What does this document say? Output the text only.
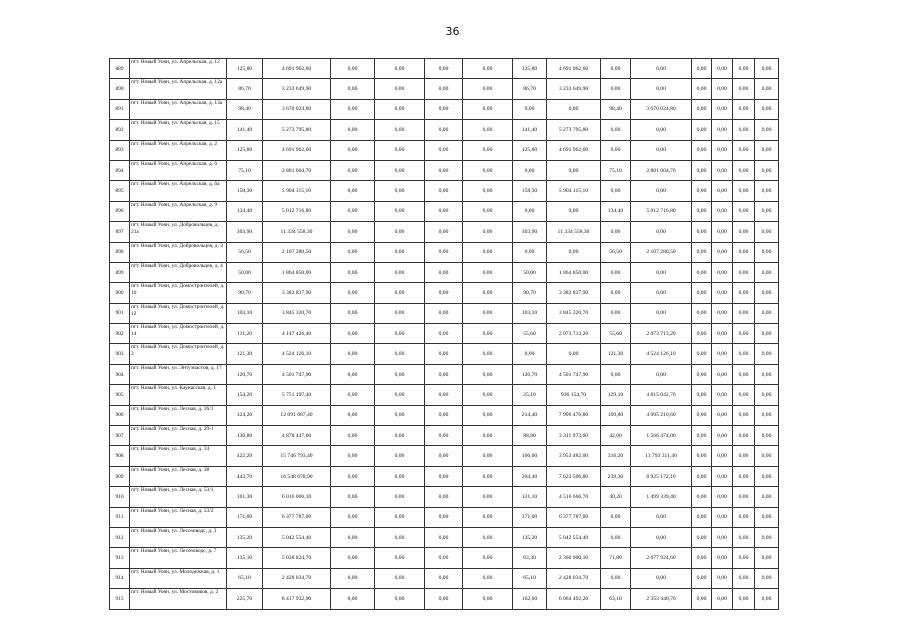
36
889	пгт. Новый Уоян, ул. Апрельская, д. 12	125,80	4 691 962,60	0,00	0,00	0,00	0,00	125,80	4 691 962,60	0,00	0,00	0,00	0,00	0,00	0,00
890	пгт. Новый Уоян, ул. Апрельская, д. 12а	86,70	3 233 649,90	0,00	0,00	0,00	0,00	86,70	3 233 649,90	0,00	0,00	0,00	0,00	0,00	0,00
891	пгт. Новый Уоян, ул. Апрельская, д. 13а	98,40	3 670 024,80	0,00	0,00	0,00	0,00	0,00	0,00	98,40	3 670 024,80	0,00	0,00	0,00	0,00
892	пгт. Новый Уоян, ул. Апрельская, д. 15	141,40	5 273 795,80	0,00	0,00	0,00	0,00	141,40	5 273 795,80	0,00	0,00	0,00	0,00	0,00	0,00
893	пгт. Новый Уоян, ул. Апрельская, д. 2	125,80	4 691 962,60	0,00	0,00	0,00	0,00	125,80	4 691 962,60	0,00	0,00	0,00	0,00	0,00	0,00
894	пгт. Новый Уоян, ул. Апрельская, д. 6	75,10	2 801 004,70	0,00	0,00	0,00	0,00	0,00	0,00	75,10	2 801 004,70	0,00	0,00	0,00	0,00
895	пгт. Новый Уоян, ул. Апрельская, д. 6а	158,30	5 904 115,10	0,00	0,00	0,00	0,00	158,30	5 904 115,10	0,00	0,00	0,00	0,00	0,00	0,00
896	пгт. Новый Уоян, ул. Апрельская, д. 9	134,40	5 012 716,80	0,00	0,00	0,00	0,00	0,00	0,00	134,40	5 012 716,80	0,00	0,00	0,00	0,00
897	пгт. Новый Уоян, ул. Добровольцев, д. 21а	303,90	11 334 558,30	0,00	0,00	0,00	0,00	303,90	11 334 558,30	0,00	0,00	0,00	0,00	0,00	0,00
898	пгт. Новый Уоян, ул. Добровольцев, д. 3	56,50	2 107 280,50	0,00	0,00	0,00	0,00	0,00	0,00	56,50	2 107 280,50	0,00	0,00	0,00	0,00
899	пгт. Новый Уоян, ул. Добровольцев, д. 4	50,00	1 864 850,00	0,00	0,00	0,00	0,00	50,00	1 864 850,00	0,00	0,00	0,00	0,00	0,00	0,00
900	пгт. Новый Уоян, ул. Домостроителей, д. 10	90,70	3 382 837,90	0,00	0,00	0,00	0,00	90,70	3 382 837,90	0,00	0,00	0,00	0,00	0,00	0,00
901	пгт. Новый Уоян, ул. Домостроителей, д. 12	103,10	3 845 320,70	0,00	0,00	0,00	0,00	103,10	3 845 320,70	0,00	0,00	0,00	0,00	0,00	0,00
902	пгт. Новый Уоян, ул. Домостроителей, д. 14	111,20	4 147 426,40	0,00	0,00	0,00	0,00	55,60	2 073 713,20	55,60	2 073 713,20	0,00	0,00	0,00	0,00
903	пгт. Новый Уоян, ул. Домостроителей, д. 2	121,30	4 524 126,10	0,00	0,00	0,00	0,00	0,00	0,00	121,30	4 524 126,10	0,00	0,00	0,00	0,00
904	пгт. Новый Уоян, ул. Энтузиастов, д. 17	120,70	4 501 747,90	0,00	0,00	0,00	0,00	120,70	4 501 747,90	0,00	0,00	0,00	0,00	0,00	0,00
905	пгт. Новый Уоян, ул. Каунасская, д. 1	154,20	5 751 197,40	0,00	0,00	0,00	0,00	25,10	936 154,70	129,10	4 815 042,70	0,00	0,00	0,00	0,00
906	пгт. Новый Уоян, ул. Лесная, д. 26/1	324,20	12 091 687,40	0,00	0,00	0,00	0,00	214,40	7 996 476,80	109,80	4 095 210,60	0,00	0,00	0,00	0,00
907	пгт. Новый Уоян, ул. Лесная, д. 29-1	130,80	4 878 447,60	0,00	0,00	0,00	0,00	88,80	3 311 973,60	42,00	1 566 474,00	0,00	0,00	0,00	0,00
908	пгт. Новый Уоян, ул. Лесная, д. 34	422,20	15 746 793,40	0,00	0,00	0,00	0,00	106,00	3 953 482,00	316,20	11 793 311,40	0,00	0,00	0,00	0,00
909	пгт. Новый Уоян, ул. Лесная, д. 38	443,70	16 548 678,90	0,00	0,00	0,00	0,00	204,40	7 623 506,80	239,30	8 925 172,10	0,00	0,00	0,00	0,00
910	пгт. Новый Уоян, ул. Лесная, д. 53/1	161,30	6 016 006,10	0,00	0,00	0,00	0,00	121,10	4 516 666,70	40,20	1 499 339,40	0,00	0,00	0,00	0,00
911	пгт. Новый Уоян, ул. Лесная, д. 53/2	171,00	6 377 787,00	0,00	0,00	0,00	0,00	171,00	6 377 787,00	0,00	0,00	0,00	0,00	0,00	0,00
912	пгт. Новый Уоян, ул. Лесозоводс, д. 3	135,20	5 042 554,40	0,00	0,00	0,00	0,00	135,20	5 042 554,40	0,00	0,00	0,00	0,00	0,00	0,00
913	пгт. Новый Уоян, ул. Лесозоводс, д. 7	135,10	5 038 824,70	0,00	0,00	0,00	0,00	63,30	2 360 900,10	71,80	2 677 924,60	0,00	0,00	0,00	0,00
914	пгт. Новый Уоян, ул. Молодежная, д. 1	65,10	2 428 034,70	0,00	0,00	0,00	0,00	65,10	2 428 034,70	0,00	0,00	0,00	0,00	0,00	0,00
915	пгт. Новый Уоян, ул. Мостовиков, д. 2	225,70	8 417 932,90	0,00	0,00	0,00	0,00	162,60	6 064 492,20	63,10	2 353 440,70	0,00	0,00	0,00	0,00
